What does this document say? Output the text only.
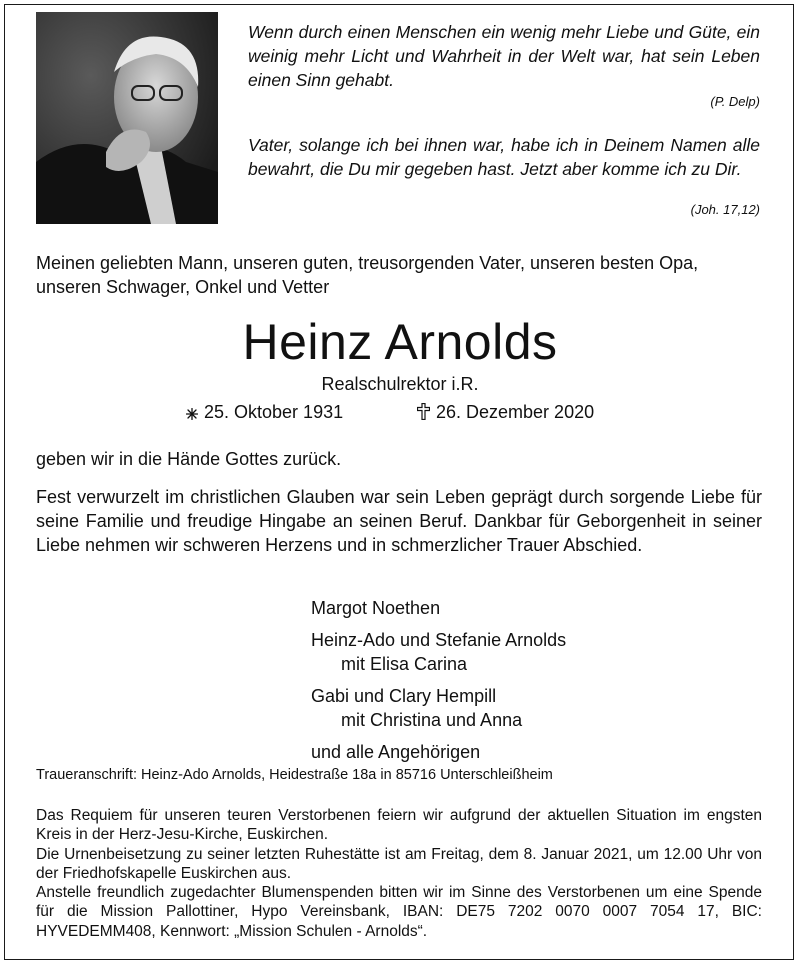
Wenn durch einen Menschen ein wenig mehr Liebe und Güte, ein weinig mehr Licht und Wahrheit in der Welt war, hat sein Leben einen Sinn gehabt.
(P. Delp)
Vater, solange ich bei ihnen war, habe ich in Deinem Namen alle bewahrt, die Du mir gegeben hast. Jetzt aber komme ich zu Dir.
(Joh. 17,12)
Meinen geliebten Mann, unseren guten, treusorgenden Vater, unseren besten Opa, unseren Schwager, Onkel und Vetter
Heinz Arnolds
Realschulrektor i.R.
25. Oktober 1931	26. Dezember 2020
geben wir in die Hände Gottes zurück.
Fest verwurzelt im christlichen Glauben war sein Leben geprägt durch sorgende Liebe für seine Familie und freudige Hingabe an seinen Beruf. Dankbar für Geborgenheit in seiner Liebe nehmen wir schweren Herzens und in schmerzlicher Trauer Abschied.
Margot Noethen
Heinz-Ado und Stefanie Arnolds
mit Elisa Carina
Gabi und Clary Hempill
mit Christina und Anna
und alle Angehörigen
Traueranschrift: Heinz-Ado Arnolds, Heidestraße 18a in 85716 Unterschleißheim
Das Requiem für unseren teuren Verstorbenen feiern wir aufgrund der aktuellen Situation im engsten Kreis in der Herz-Jesu-Kirche, Euskirchen.
Die Urnenbeisetzung zu seiner letzten Ruhestätte ist am Freitag, dem 8. Januar 2021, um 12.00 Uhr von der Friedhofskapelle Euskirchen aus.
Anstelle freundlich zugedachter Blumenspenden bitten wir im Sinne des Verstorbenen um eine Spende für die Mission Pallottiner, Hypo Vereinsbank, IBAN: DE75 7202 0070 0007 7054 17, BIC: HYVEDEMM408, Kennwort: „Mission Schulen - Arnolds“.
